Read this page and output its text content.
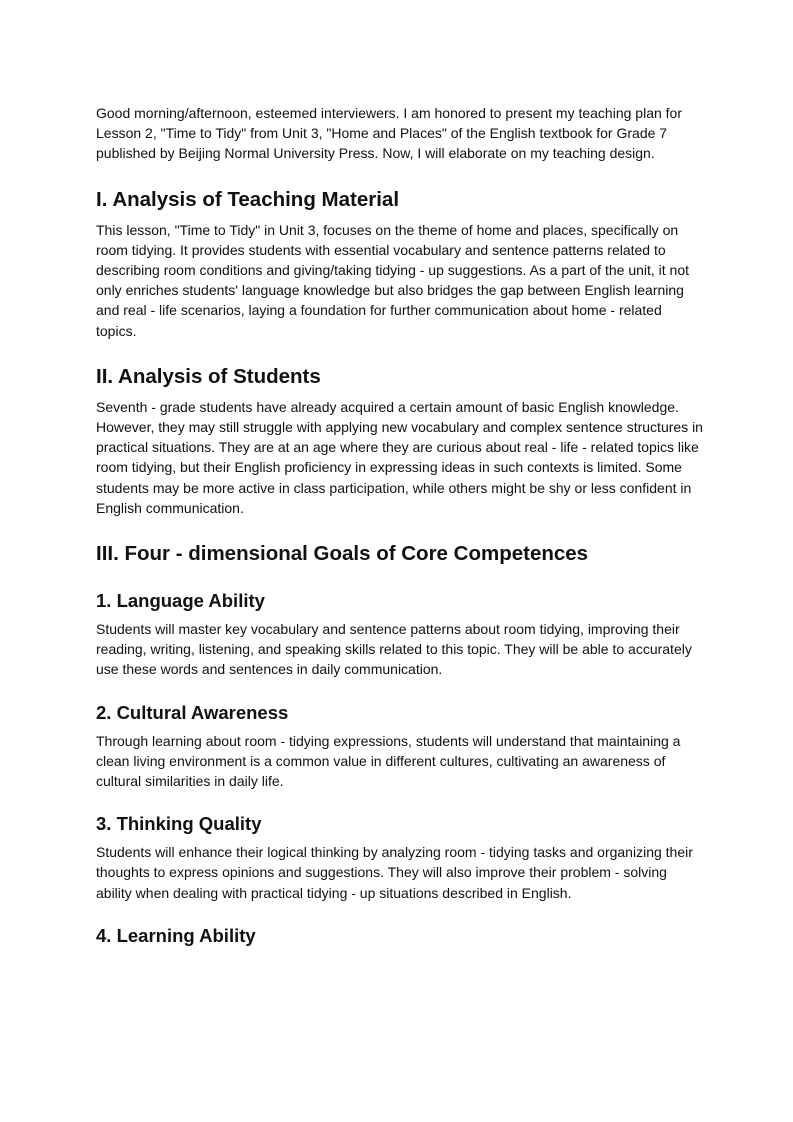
Good morning/afternoon, esteemed interviewers. I am honored to present my teaching plan for Lesson 2, "Time to Tidy" from Unit 3, "Home and Places" of the English textbook for Grade 7 published by Beijing Normal University Press. Now, I will elaborate on my teaching design.

I. Analysis of Teaching Material

This lesson, "Time to Tidy" in Unit 3, focuses on the theme of home and places, specifically on room tidying. It provides students with essential vocabulary and sentence patterns related to describing room conditions and giving/taking tidying - up suggestions. As a part of the unit, it not only enriches students' language knowledge but also bridges the gap between English learning and real - life scenarios, laying a foundation for further communication about home - related topics.

II. Analysis of Students

Seventh - grade students have already acquired a certain amount of basic English knowledge. However, they may still struggle with applying new vocabulary and complex sentence structures in practical situations. They are at an age where they are curious about real - life - related topics like room tidying, but their English proficiency in expressing ideas in such contexts is limited. Some students may be more active in class participation, while others might be shy or less confident in English communication.

III. Four - dimensional Goals of Core Competences
1. Language Ability

Students will master key vocabulary and sentence patterns about room tidying, improving their reading, writing, listening, and speaking skills related to this topic. They will be able to accurately use these words and sentences in daily communication.

2. Cultural Awareness

Through learning about room - tidying expressions, students will understand that maintaining a clean living environment is a common value in different cultures, cultivating an awareness of cultural similarities in daily life.

3. Thinking Quality

Students will enhance their logical thinking by analyzing room - tidying tasks and organizing their thoughts to express opinions and suggestions. They will also improve their problem - solving ability when dealing with practical tidying - up situations described in English.

4. Learning Ability
